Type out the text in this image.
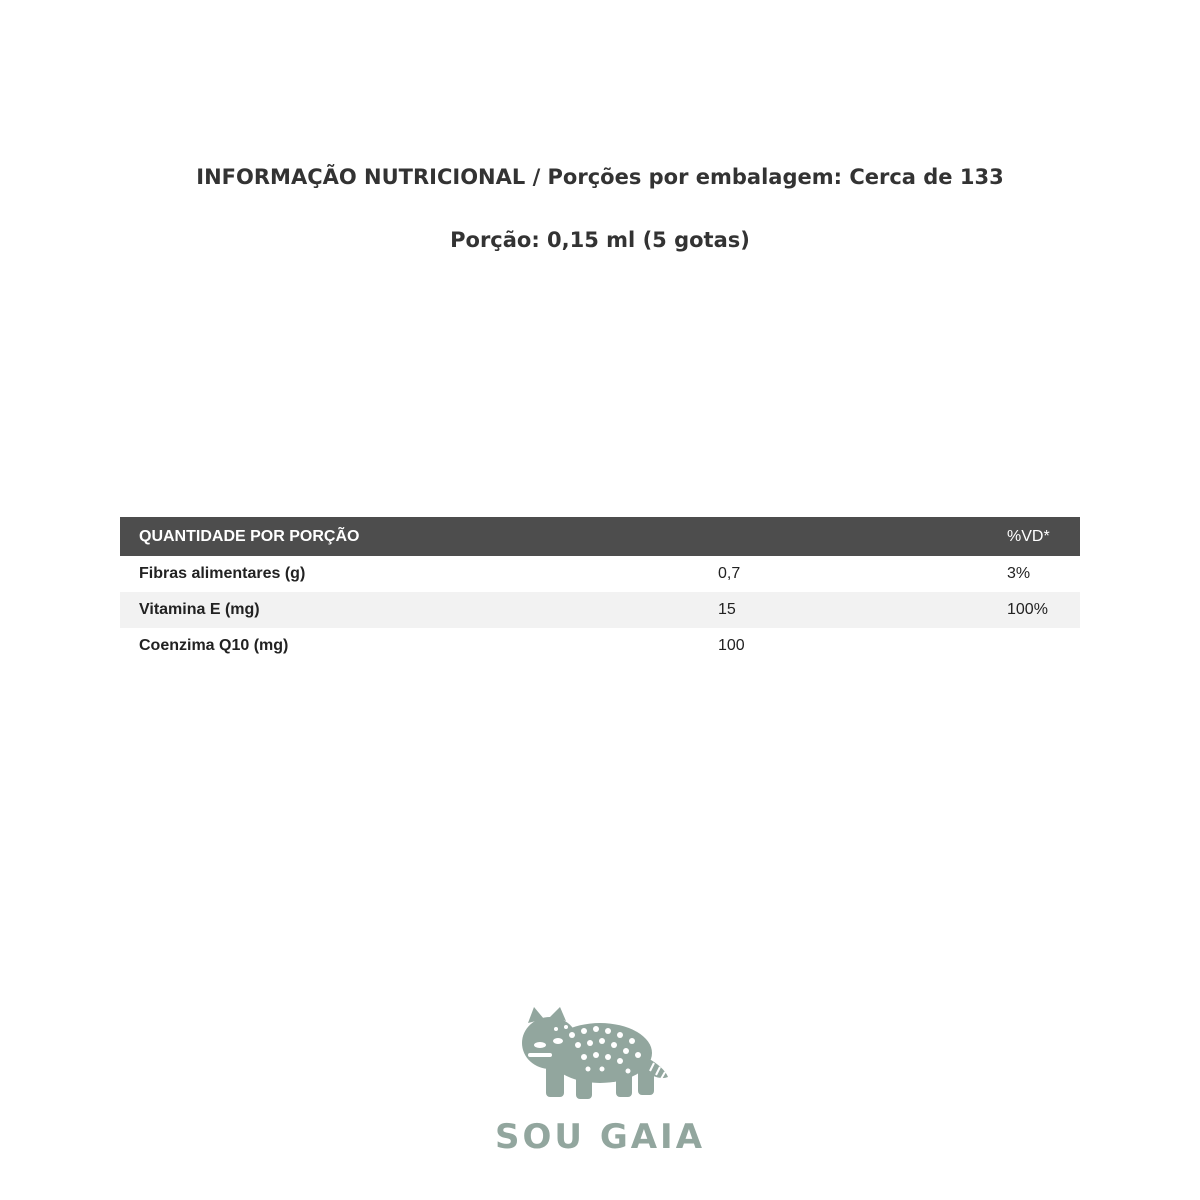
INFORMAÇÃO NUTRICIONAL / Porções por embalagem: Cerca de 133
Porção: 0,15 ml (5 gotas)
QUANTIDADE POR PORÇÃO		%VD*
Fibras alimentares (g)	0,7	3%
Vitamina E (mg)	15	100%
Coenzima Q10 (mg)	100	
SOU GAIA
